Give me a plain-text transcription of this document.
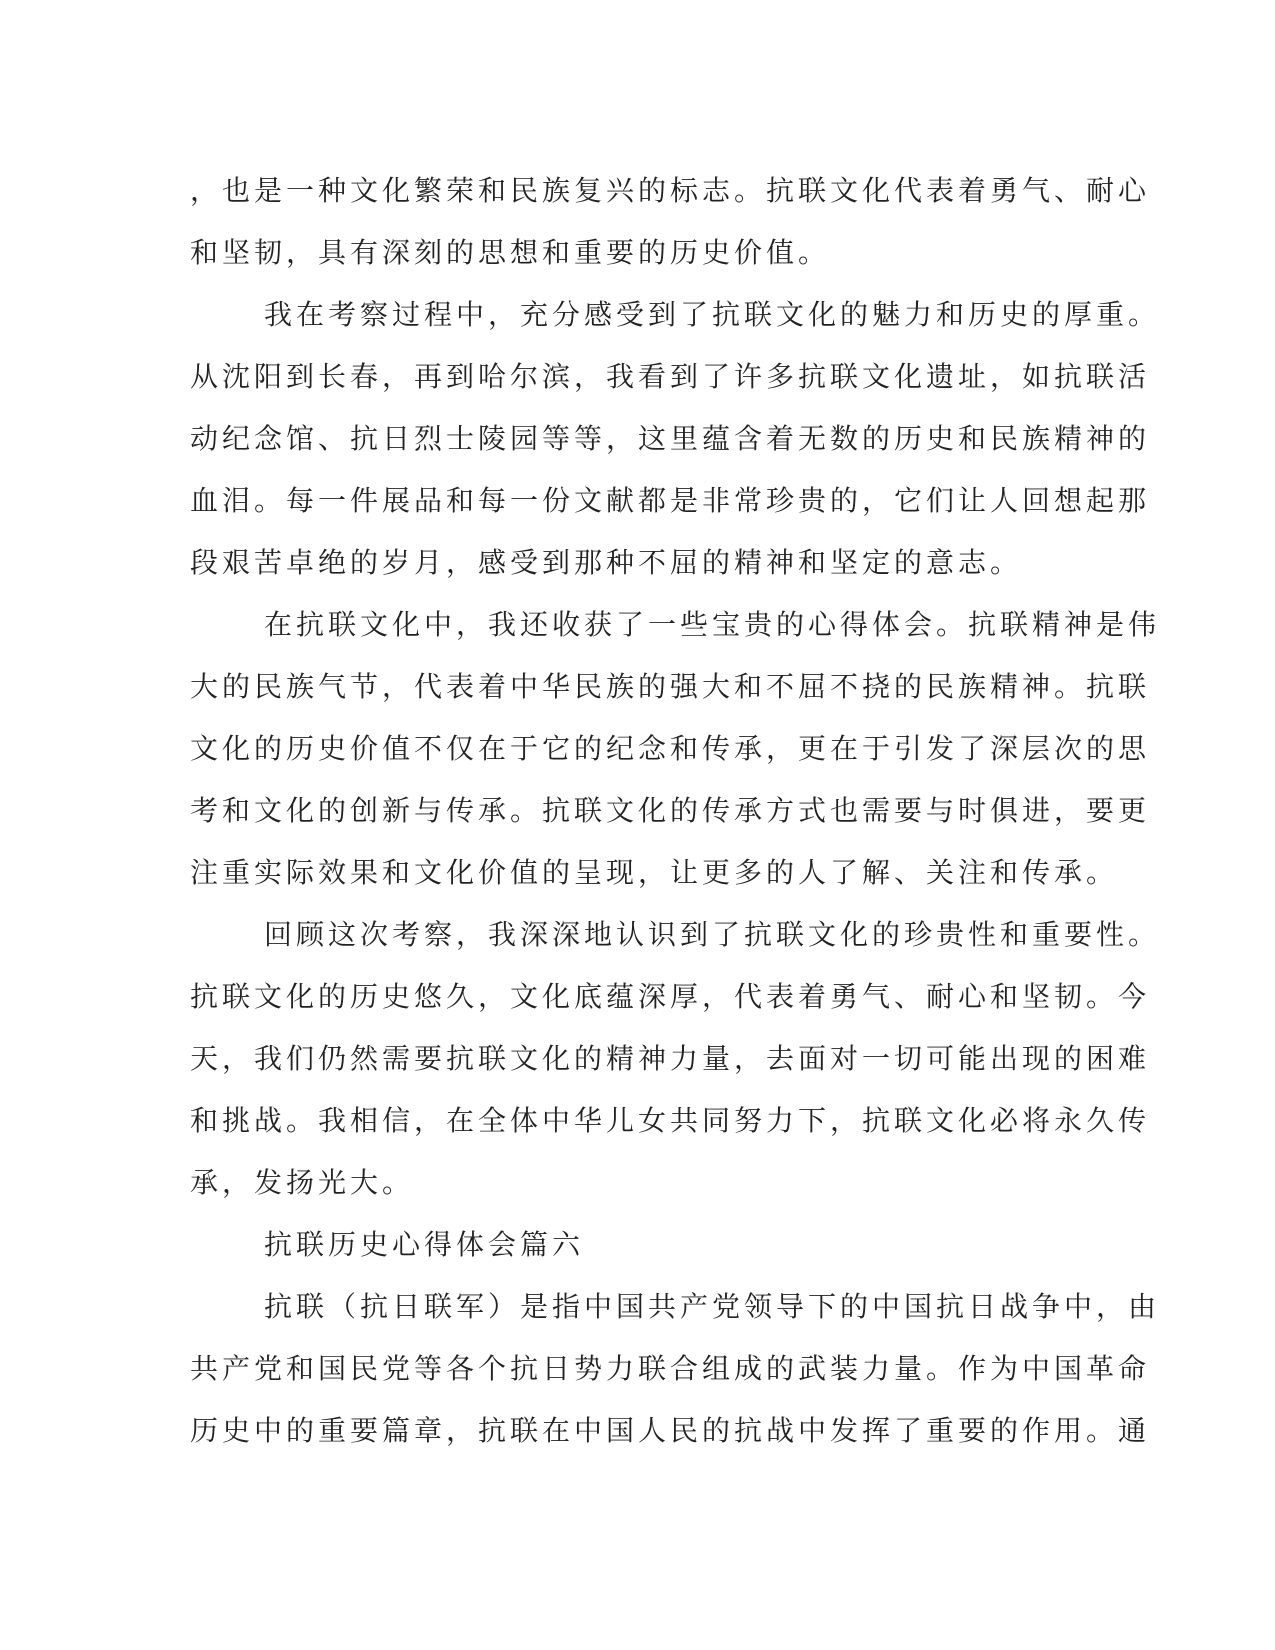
，也是一种文化繁荣和民族复兴的标志。抗联文化代表着勇气、耐心
和坚韧，具有深刻的思想和重要的历史价值。
我在考察过程中，充分感受到了抗联文化的魅力和历史的厚重。
从沈阳到长春，再到哈尔滨，我看到了许多抗联文化遗址，如抗联活
动纪念馆、抗日烈士陵园等等，这里蕴含着无数的历史和民族精神的
血泪。每一件展品和每一份文献都是非常珍贵的，它们让人回想起那
段艰苦卓绝的岁月，感受到那种不屈的精神和坚定的意志。
在抗联文化中，我还收获了一些宝贵的心得体会。抗联精神是伟
大的民族气节，代表着中华民族的强大和不屈不挠的民族精神。抗联
文化的历史价值不仅在于它的纪念和传承，更在于引发了深层次的思
考和文化的创新与传承。抗联文化的传承方式也需要与时俱进，要更
注重实际效果和文化价值的呈现，让更多的人了解、关注和传承。
回顾这次考察，我深深地认识到了抗联文化的珍贵性和重要性。
抗联文化的历史悠久，文化底蕴深厚，代表着勇气、耐心和坚韧。今
天，我们仍然需要抗联文化的精神力量，去面对一切可能出现的困难
和挑战。我相信，在全体中华儿女共同努力下，抗联文化必将永久传
承，发扬光大。
抗联历史心得体会篇六
抗联（抗日联军）是指中国共产党领导下的中国抗日战争中，由
共产党和国民党等各个抗日势力联合组成的武装力量。作为中国革命
历史中的重要篇章，抗联在中国人民的抗战中发挥了重要的作用。通
